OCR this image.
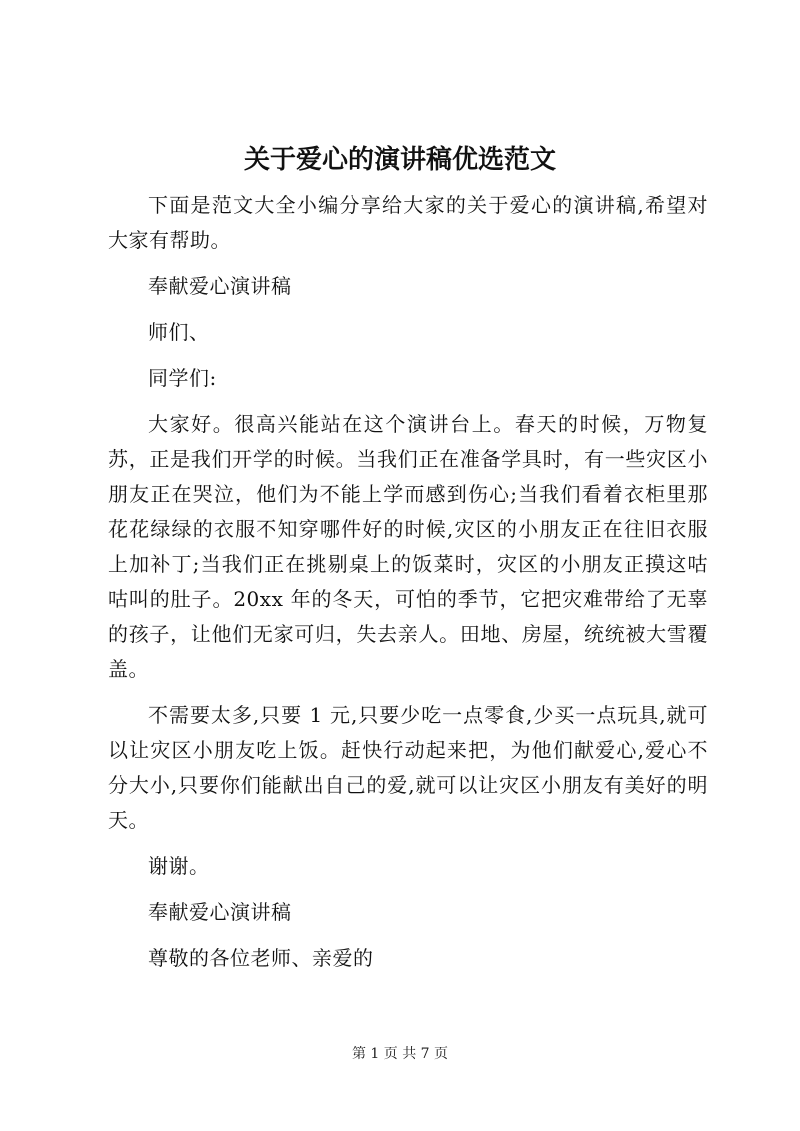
关于爱心的演讲稿优选范文

下面是范文大全小编分享给大家的关于爱心的演讲稿,希望对大家有帮助。

奉献爱心演讲稿

师们、

同学们:

大家好。很高兴能站在这个演讲台上。春天的时候，万物复苏，正是我们开学的时候。当我们正在准备学具时，有一些灾区小朋友正在哭泣，他们为不能上学而感到伤心;当我们看着衣柜里那花花绿绿的衣服不知穿哪件好的时候,灾区的小朋友正在往旧衣服上加补丁;当我们正在挑剔桌上的饭菜时，灾区的小朋友正摸这咕咕叫的肚子。20xx 年的冬天，可怕的季节，它把灾难带给了无辜的孩子，让他们无家可归，失去亲人。田地、房屋，统统被大雪覆盖。

不需要太多,只要 1 元,只要少吃一点零食,少买一点玩具,就可以让灾区小朋友吃上饭。赶快行动起来把，为他们献爱心,爱心不分大小,只要你们能献出自己的爱,就可以让灾区小朋友有美好的明天。

谢谢。

奉献爱心演讲稿

尊敬的各位老师、亲爱的

第 1 页 共 7 页
